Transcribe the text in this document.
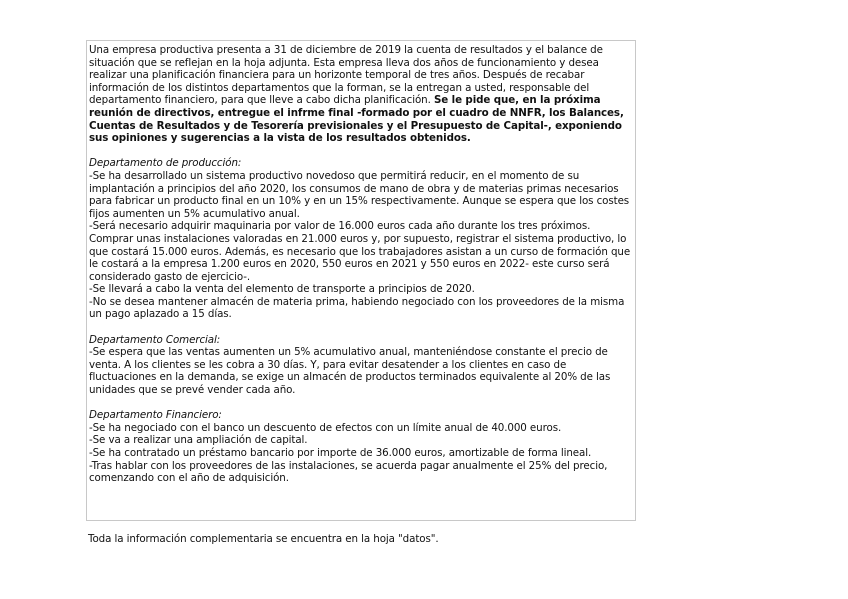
Una empresa productiva presenta a 31 de diciembre de 2019 la cuenta de resultados y el balance de situación que se reflejan en la hoja adjunta. Esta empresa lleva dos años de funcionamiento y desea realizar una planificación financiera para un horizonte temporal de tres años. Después de recabar información de los distintos departamentos que la forman, se la entregan a usted, responsable del departamento financiero, para que lleve a cabo dicha planificación. Se le pide que, en la próxima reunión de directivos, entregue el infrme final -formado por el cuadro de NNFR, los Balances, Cuentas de Resultados y de Tesorería previsionales y el Presupuesto de Capital-, exponiendo sus opiniones y sugerencias a la vista de los resultados obtenidos.

Departamento de producción:

-Se ha desarrollado un sistema productivo novedoso que permitirá reducir, en el momento de su implantación a principios del año 2020, los consumos de mano de obra y de materias primas necesarios para fabricar un producto final en un 10% y en un 15% respectivamente. Aunque se espera que los costes fijos aumenten un 5% acumulativo anual.

-Será necesario adquirir maquinaria por valor de 16.000 euros cada año durante los tres próximos. Comprar unas instalaciones valoradas en 21.000 euros y, por supuesto, registrar el sistema productivo, lo que costará 15.000 euros. Además, es necesario que los trabajadores asistan a un curso de formación que le costará a la empresa 1.200 euros en 2020, 550 euros en 2021 y 550 euros en 2022- este curso será considerado gasto de ejercicio-.

-Se llevará a cabo la venta del elemento de transporte a principios de 2020.

-No se desea mantener almacén de materia prima, habiendo negociado con los proveedores de la misma un pago aplazado a 15 días.

Departamento Comercial:

-Se espera que las ventas aumenten un 5% acumulativo anual, manteniéndose constante el precio de venta. A los clientes se les cobra a 30 días. Y, para evitar desatender a los clientes en caso de fluctuaciones en la demanda, se exige un almacén de productos terminados equivalente al 20% de las unidades que se prevé vender cada año.

Departamento Financiero:

-Se ha negociado con el banco un descuento de efectos con un límite anual de 40.000 euros.

-Se va a realizar una ampliación de capital.

-Se ha contratado un préstamo bancario por importe de 36.000 euros, amortizable de forma lineal.

-Tras hablar con los proveedores de las instalaciones, se acuerda pagar anualmente el 25% del precio, comenzando con el año de adquisición.

Toda la información complementaria se encuentra en la hoja "datos".
